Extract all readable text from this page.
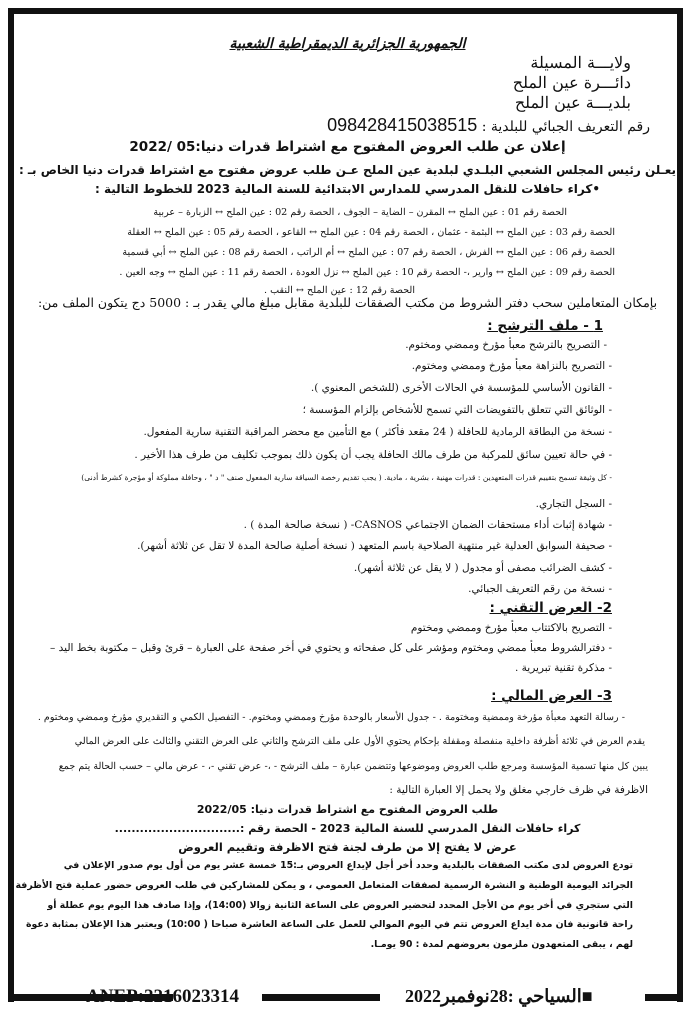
الجمهورية الجزائرية الديمقراطية الشعبية
ولايـــة المسيلة
دائـــرة عين الملح
بلديـــة عين الملح
رقم التعريف الجبائي للبلدية : 098428415038515
إعلان عن طلب العروض المفتوح مع اشتراط قدرات دنيا:05 /2022
يعـلن رئيس المجلس الشعبي البلـدي لبلدية عين الملح عـن طلب عروض مفتوح مع اشتراط قدرات دنيا الخاص بـ :
•كراء حافلات للنقل المدرسي للمدارس الابتدائية للسنة المالية 2023 للخطوط التالية :
الحصة رقم 01 : عين الملح ↔ المقرن – الضاية – الجوف ، الحصة رقم 02 : عين الملح ↔ الزبارة – عربية
الحصة رقم 03 : عين الملح ↔ البثمة - عثمان ، الحصة رقم 04 : عين الملح ↔ القاعو ، الحصة رقم 05 : عين الملح ↔ العقلة
الحصة رقم 06 : عين الملح ↔ الفرش ، الحصة رقم 07 : عين الملح ↔ أم الراتب ، الحصة رقم 08 : عين الملح ↔ أبي قسمية
الحصة رقم 09 : عين الملح ↔ وارير ،- الحصة رقم 10 : عين الملح ↔ نزل العودة ، الحصة رقم 11 : عين الملح ↔ وجه العين .
الحصة رقم 12 : عين الملح ↔ النقب .
بإمكان المتعاملين سحب دفتر الشروط من مكتب الصفقات للبلدية مقابل مبلغ مالي يقدر بـ : 5000 دج يتكون الملف من:
1 - ملف الترشح :
- التصريح بالترشح معبأ مؤرخ وممضي ومختوم.
- التصريح بالنزاهة معبأ مؤرخ وممضي ومختوم.
- القانون الأساسي للمؤسسة في الحالات الأخرى (للشخص المعنوي ).
- الوثائق التي تتعلق بالتفويضات التي تسمح للأشخاص بإلزام المؤسسة ؛
- نسخة من البطاقة الرمادية للحافلة ( 24 مقعد فأكثر ) مع التأمين مع محضر المراقبة التقنية سارية المفعول.
- في حالة تعيين سائق للمركبة من طرف مالك الحافلة يجب أن يكون ذلك بموجب تكليف من طرف هذا الأخير .
- كل وثيقة تسمح بتقييم قدرات المتعهدين : قدرات مهنية ، بشرية ، مادية. ( يجب تقديم رخصة السياقة سارية المفعول صنف " د " ، وحافلة مملوكة أو مؤجرة كشرط أدنى)
- السجل التجاري.
- شهادة إثبات أداء مستحقات الضمان الاجتماعي CASNOS- ( نسخة صالحة المدة ) .
- صحيفة السوابق العدلية غير منتهية الصلاحية باسم المتعهد ( نسخة أصلية صالحة المدة لا تقل عن ثلاثة أشهر).
- كشف الضرائب مصفى أو مجدول ( لا يقل عن ثلاثة أشهر).
- نسخة من رقم التعريف الجبائي.
2- العرض التقني :
- التصريح بالاكتتاب معبأ مؤرخ وممضي ومختوم
- دفترالشروط معبأ ممضي ومختوم ومؤشر على كل صفحاته و يحتوي في أخر صفحة على العبارة – قرئ وقبل – مكتوبة بخط اليد –
- مذكرة تقنية تبريرية .
3- العرض المالي :
- رسالة التعهد معبأة مؤرخة وممضية ومختومة . - جدول الأسعار بالوحدة مؤرخ وممضي ومختوم. - التفصيل الكمي و التقديري مؤرخ وممضي ومختوم .
يقدم العرض في ثلاثة أظرفة داخلية منفصلة ومقفلة بإحكام يحتوي الأول على ملف الترشح والثاني على العرض التقني والثالث على العرض المالي
يبين كل منها تسمية المؤسسة ومرجع طلب العروض وموضوعها وتتضمن عبارة – ملف الترشح - ،- عرض تقني -، - عرض مالي – حسب الحالة يتم جمع
الاظرفة في ظرف خارجي مغلق ولا يحمل إلا العبارة التالية :
طلب العروض المفتوح مع اشتراط قدرات دنيا: 2022/05
كراء حافلات النقل المدرسي للسنة المالية 2023 - الحصة رقم :..............................
عرض لا يفتح إلا من طرف لجنة فتح الاظرفة وتقييم العروض
تودع العروض لدى مكتب الصفقات بالبلدية وحدد أخر أجل لإيداع العروض بـ:15 خمسة عشر يوم من أول يوم صدور الإعلان في
الجرائد اليومية الوطنية و النشرة الرسمية لصفقات المتعامل العمومي ، و يمكن للمشاركين في طلب العروض حضور عملية فتح الأظرفة
التي ستجري في أخر يوم من الأجل المحدد لتحضير العروض على الساعة الثانية زوالا (14:00)، وإذا صادف هذا اليوم يوم عطلة أو
راحة قانونية فان مدة ايداع العروض تتم في اليوم الموالي للعمل على الساعة العاشرة صباحا ( 10:00) ويعتبر هذا الإعلان بمثابة دعوة
لهم ، يبقى المتعهدون ملزمون بعروضهم لمدة : 90 يومـا.
ANEP:2216023314	■السياحي :28نوفمبر2022
